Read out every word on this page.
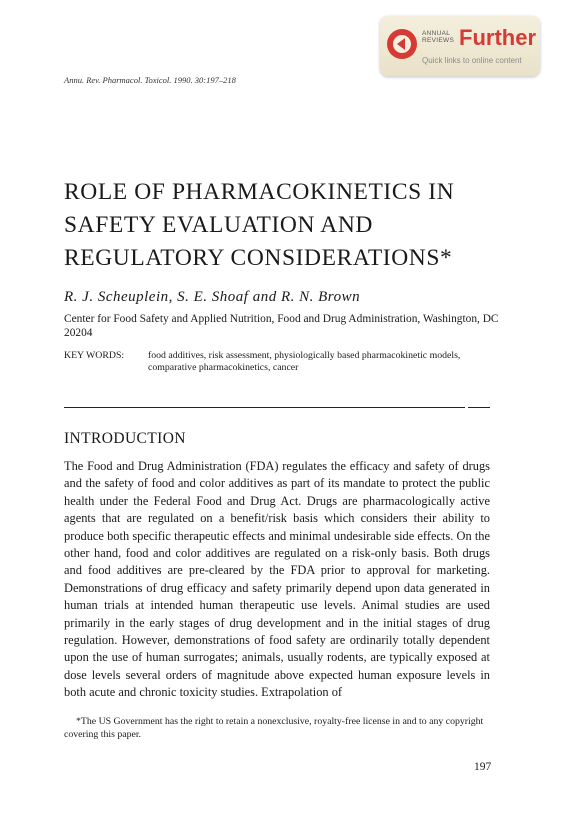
ANNUAL
REVIEWS Further
Quick links to online content
Annu. Rev. Pharmacol. Toxicol. 1990. 30:197–218
ROLE OF PHARMACOKINETICS IN
SAFETY EVALUATION AND
REGULATORY CONSIDERATIONS*
R. J. Scheuplein, S. E. Shoaf and R. N. Brown
Center for Food Safety and Applied Nutrition, Food and Drug Administration, Washington, DC 20204
KEY WORDS: food additives, risk assessment, physiologically based pharmacokinetic models, comparative pharmacokinetics, cancer
INTRODUCTION
The Food and Drug Administration (FDA) regulates the efficacy and safety of drugs and the safety of food and color additives as part of its mandate to protect the public health under the Federal Food and Drug Act. Drugs are pharmacologically active agents that are regulated on a benefit/risk basis which considers their ability to produce both specific therapeutic effects and minimal undesirable side effects. On the other hand, food and color additives are regulated on a risk-only basis. Both drugs and food additives are pre-cleared by the FDA prior to approval for marketing. Demonstrations of drug efficacy and safety primarily depend upon data generated in human trials at intended human therapeutic use levels. Animal studies are used primarily in the early stages of drug development and in the initial stages of drug regulation. However, demonstrations of food safety are ordinarily totally dependent upon the use of human surrogates; animals, usually rodents, are typically exposed at dose levels several orders of magnitude above expected human exposure levels in both acute and chronic toxicity studies. Extrapolation of
*The US Government has the right to retain a nonexclusive, royalty-free license in and to any copyright covering this paper.
197
